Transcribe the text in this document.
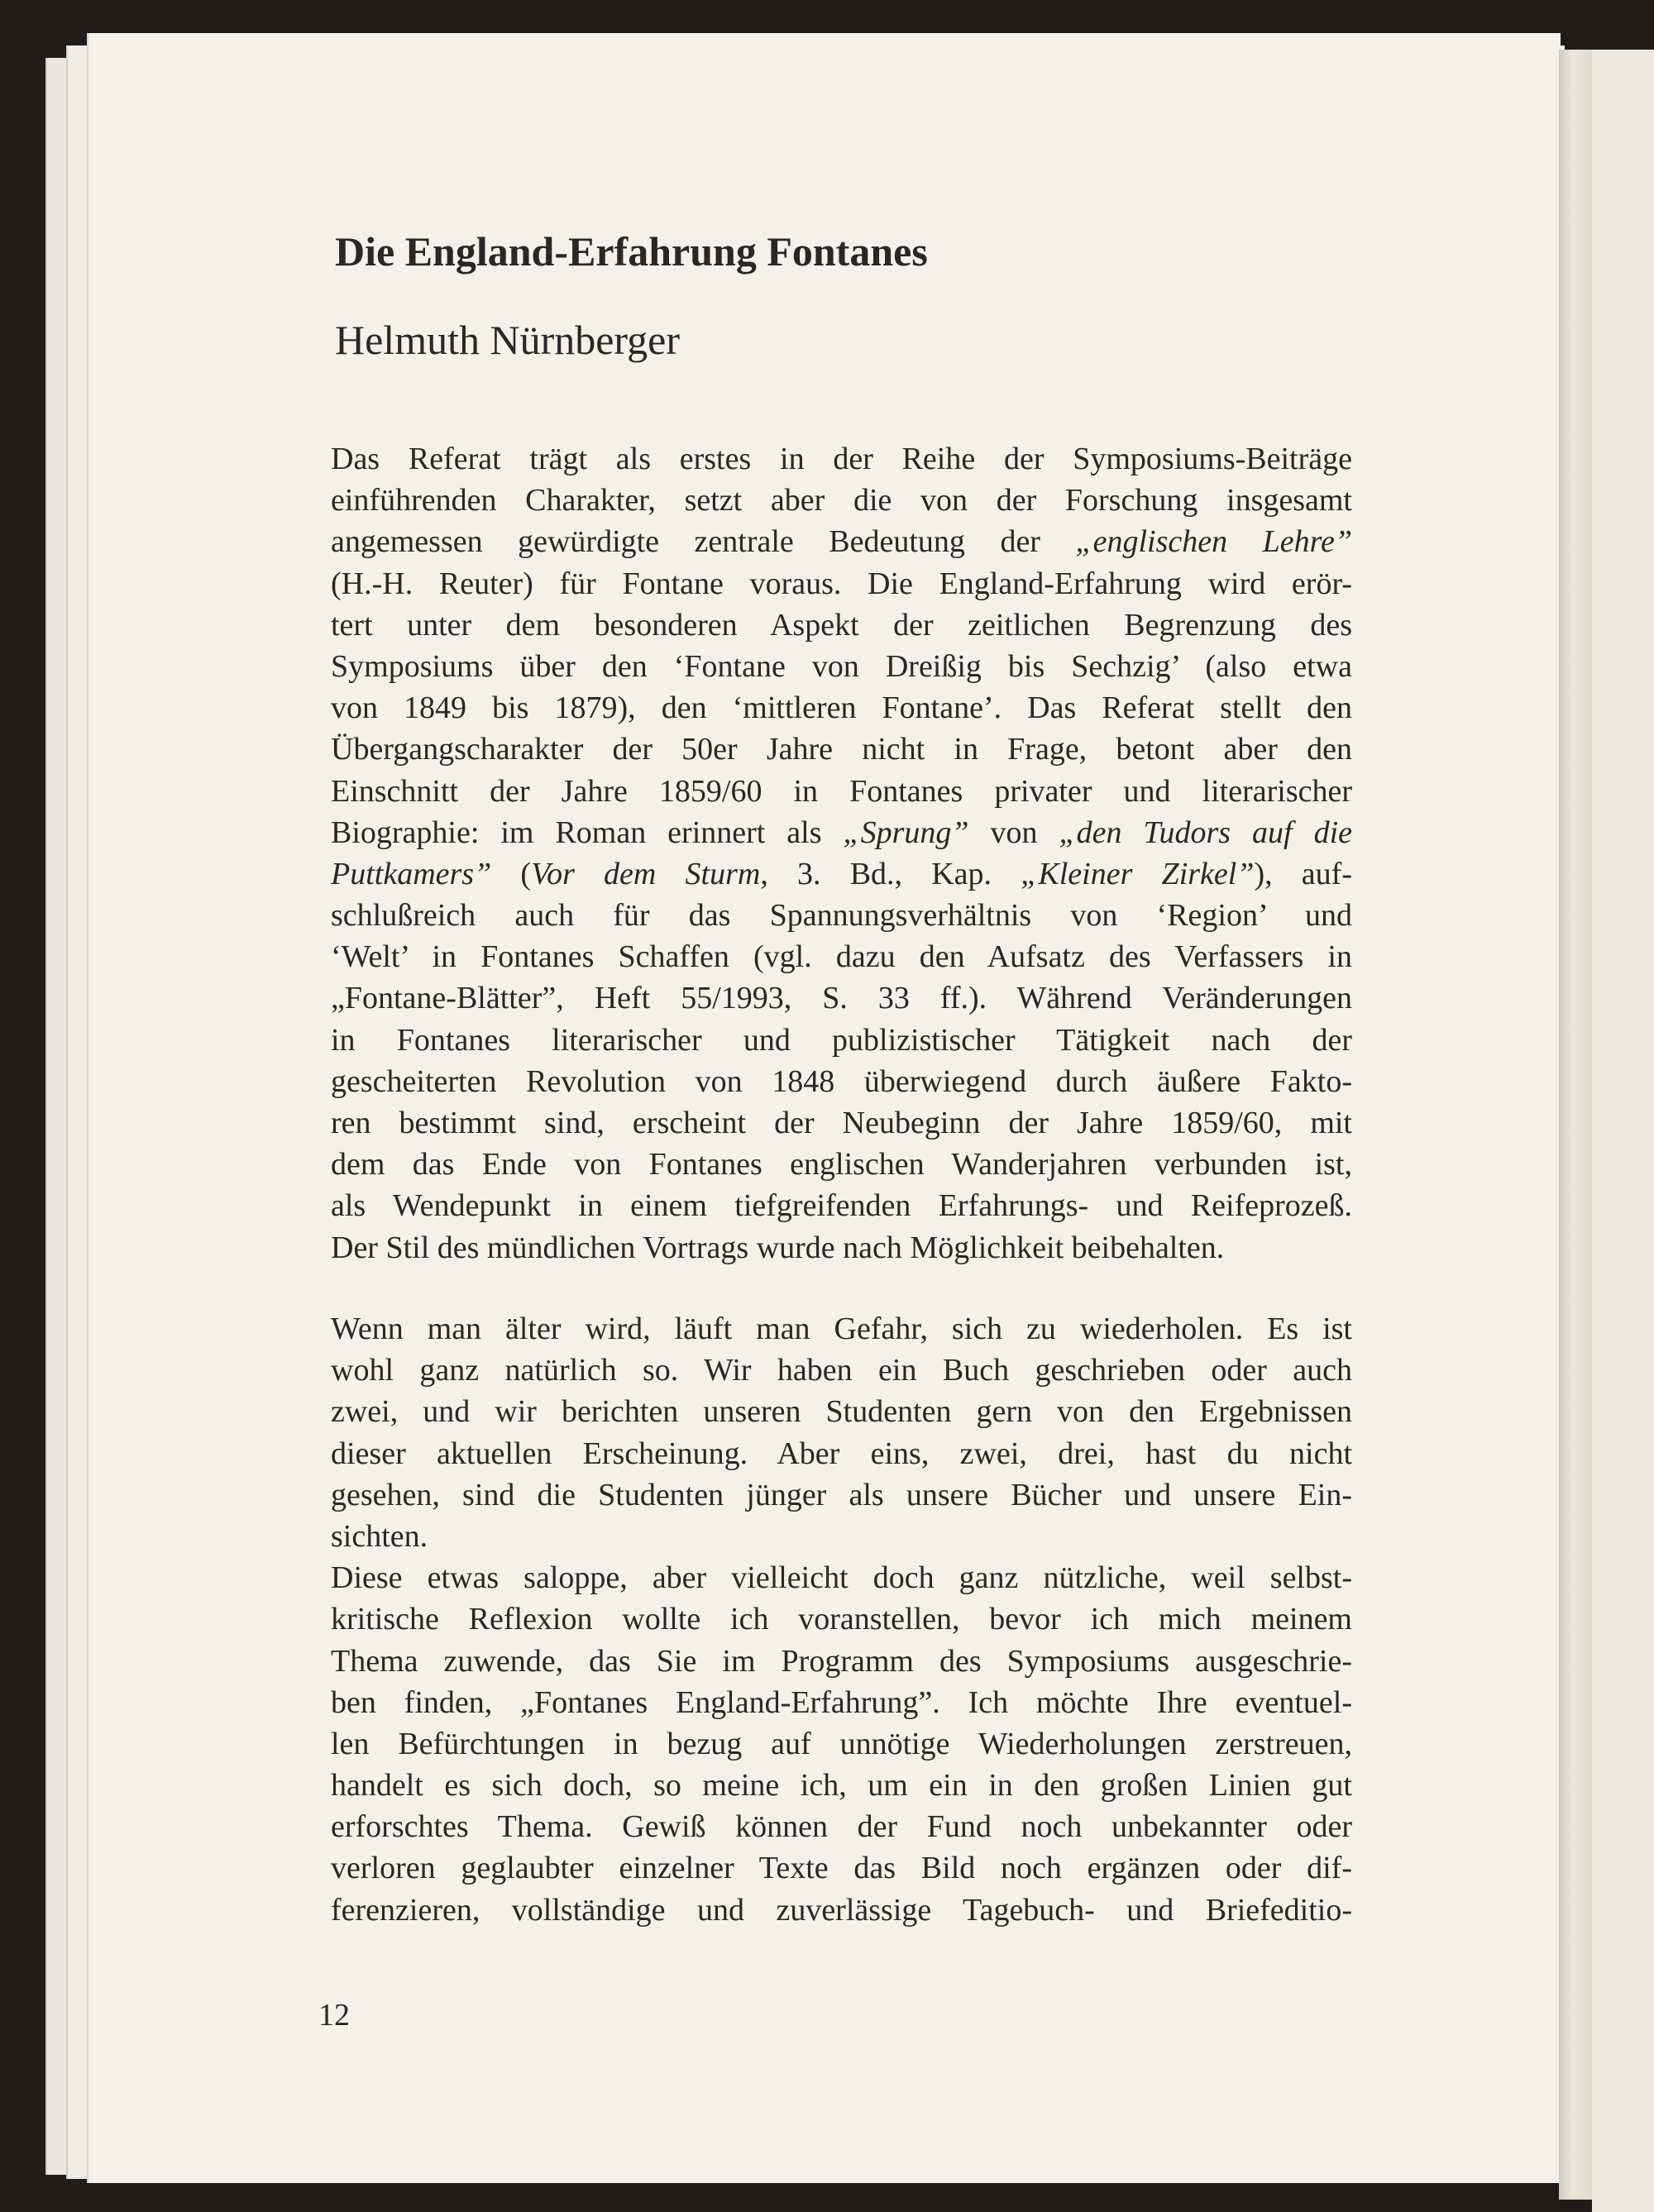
Die England-Erfahrung Fontanes
Helmuth Nürnberger
Das Referat trägt als erstes in der Reihe der Symposiums-Beiträge
einführenden Charakter, setzt aber die von der Forschung insgesamt
angemessen gewürdigte zentrale Bedeutung der „englischen Lehre”
(H.-H. Reuter) für Fontane voraus. Die England-Erfahrung wird erör-
tert unter dem besonderen Aspekt der zeitlichen Begrenzung des
Symposiums über den ‘Fontane von Dreißig bis Sechzig’ (also etwa
von 1849 bis 1879), den ‘mittleren Fontane’. Das Referat stellt den
Übergangscharakter der 50er Jahre nicht in Frage, betont aber den
Einschnitt der Jahre 1859/60 in Fontanes privater und literarischer
Biographie: im Roman erinnert als „Sprung” von „den Tudors auf die
Puttkamers” (Vor dem Sturm, 3. Bd., Kap. „Kleiner Zirkel”), auf-
schlußreich auch für das Spannungsverhältnis von ‘Region’ und
‘Welt’ in Fontanes Schaffen (vgl. dazu den Aufsatz des Verfassers in
„Fontane-Blätter”, Heft 55/1993, S. 33 ff.). Während Veränderungen
in Fontanes literarischer und publizistischer Tätigkeit nach der
gescheiterten Revolution von 1848 überwiegend durch äußere Fakto-
ren bestimmt sind, erscheint der Neubeginn der Jahre 1859/60, mit
dem das Ende von Fontanes englischen Wanderjahren verbunden ist,
als Wendepunkt in einem tiefgreifenden Erfahrungs- und Reifeprozeß.
Der Stil des mündlichen Vortrags wurde nach Möglichkeit beibehalten.
Wenn man älter wird, läuft man Gefahr, sich zu wiederholen. Es ist
wohl ganz natürlich so. Wir haben ein Buch geschrieben oder auch
zwei, und wir berichten unseren Studenten gern von den Ergebnissen
dieser aktuellen Erscheinung. Aber eins, zwei, drei, hast du nicht
gesehen, sind die Studenten jünger als unsere Bücher und unsere Ein-
sichten.
Diese etwas saloppe, aber vielleicht doch ganz nützliche, weil selbst-
kritische Reflexion wollte ich voranstellen, bevor ich mich meinem
Thema zuwende, das Sie im Programm des Symposiums ausgeschrie-
ben finden, „Fontanes England-Erfahrung”. Ich möchte Ihre eventuel-
len Befürchtungen in bezug auf unnötige Wiederholungen zerstreuen,
handelt es sich doch, so meine ich, um ein in den großen Linien gut
erforschtes Thema. Gewiß können der Fund noch unbekannter oder
verloren geglaubter einzelner Texte das Bild noch ergänzen oder dif-
ferenzieren, vollständige und zuverlässige Tagebuch- und Briefeditio-
12
